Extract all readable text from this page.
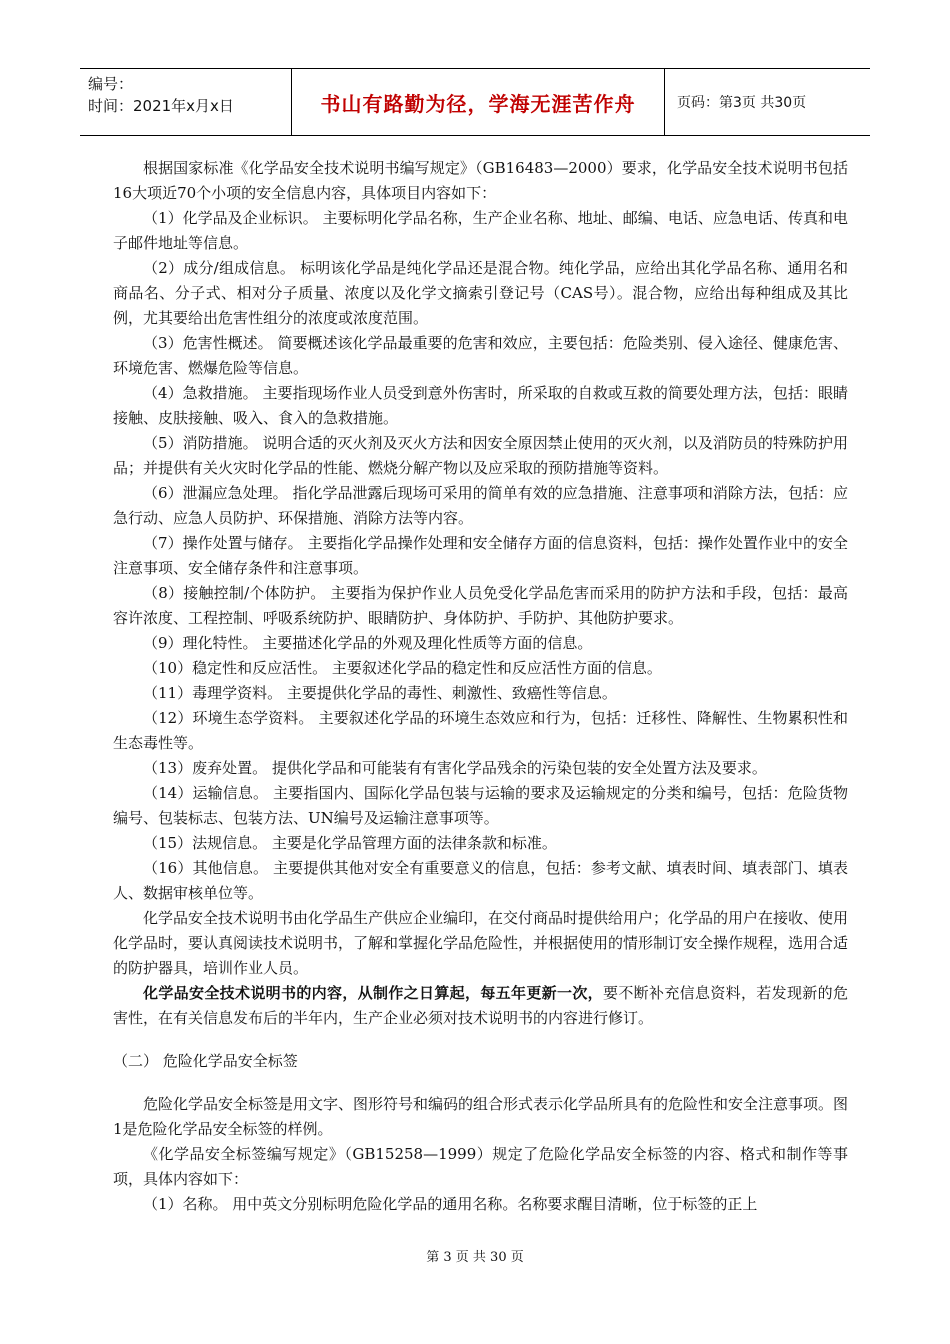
编号：
时间：2021年x月x日	书山有路勤为径，学海无涯苦作舟	页码：第3页 共30页

根据国家标准《化学品安全技术说明书编写规定》（GB16483—2000）要求，化学品安全技术说明书包括16大项近70个小项的安全信息内容，具体项目内容如下：

（1）化学品及企业标识。 主要标明化学品名称，生产企业名称、地址、邮编、电话、应急电话、传真和电子邮件地址等信息。

（2）成分/组成信息。 标明该化学品是纯化学品还是混合物。纯化学品，应给出其化学品名称、通用名和商品名、分子式、相对分子质量、浓度以及化学文摘索引登记号（CAS号）。混合物，应给出每种组成及其比例，尤其要给出危害性组分的浓度或浓度范围。

（3）危害性概述。 简要概述该化学品最重要的危害和效应，主要包括：危险类别、侵入途径、健康危害、环境危害、燃爆危险等信息。

（4）急救措施。 主要指现场作业人员受到意外伤害时，所采取的自救或互救的简要处理方法，包括：眼睛接触、皮肤接触、吸入、食入的急救措施。

（5）消防措施。 说明合适的灭火剂及灭火方法和因安全原因禁止使用的灭火剂，以及消防员的特殊防护用品；并提供有关火灾时化学品的性能、燃烧分解产物以及应采取的预防措施等资料。

（6）泄漏应急处理。 指化学品泄露后现场可采用的简单有效的应急措施、注意事项和消除方法，包括：应急行动、应急人员防护、环保措施、消除方法等内容。

（7）操作处置与储存。 主要指化学品操作处理和安全储存方面的信息资料，包括：操作处置作业中的安全注意事项、安全储存条件和注意事项。

（8）接触控制/个体防护。 主要指为保护作业人员免受化学品危害而采用的防护方法和手段，包括：最高容许浓度、工程控制、呼吸系统防护、眼睛防护、身体防护、手防护、其他防护要求。

（9）理化特性。 主要描述化学品的外观及理化性质等方面的信息。

（10）稳定性和反应活性。 主要叙述化学品的稳定性和反应活性方面的信息。

（11）毒理学资料。 主要提供化学品的毒性、刺激性、致癌性等信息。

（12）环境生态学资料。 主要叙述化学品的环境生态效应和行为，包括：迁移性、降解性、生物累积性和生态毒性等。

（13）废弃处置。 提供化学品和可能装有有害化学品残余的污染包装的安全处置方法及要求。

（14）运输信息。 主要指国内、国际化学品包装与运输的要求及运输规定的分类和编号，包括：危险货物编号、包装标志、包装方法、UN编号及运输注意事项等。

（15）法规信息。 主要是化学品管理方面的法律条款和标准。

（16）其他信息。 主要提供其他对安全有重要意义的信息，包括：参考文献、填表时间、填表部门、填表人、数据审核单位等。

化学品安全技术说明书由化学品生产供应企业编印，在交付商品时提供给用户；化学品的用户在接收、使用化学品时，要认真阅读技术说明书，了解和掌握化学品危险性，并根据使用的情形制订安全操作规程，选用合适的防护器具，培训作业人员。

化学品安全技术说明书的内容，从制作之日算起，每五年更新一次，要不断补充信息资料，若发现新的危害性，在有关信息发布后的半年内，生产企业必须对技术说明书的内容进行修订。

（二） 危险化学品安全标签

危险化学品安全标签是用文字、图形符号和编码的组合形式表示化学品所具有的危险性和安全注意事项。图1是危险化学品安全标签的样例。

《化学品安全标签编写规定》（GB15258—1999）规定了危险化学品安全标签的内容、格式和制作等事项，具体内容如下：

（1）名称。 用中英文分别标明危险化学品的通用名称。名称要求醒目清晰，位于标签的正上

第 3 页 共 30 页
